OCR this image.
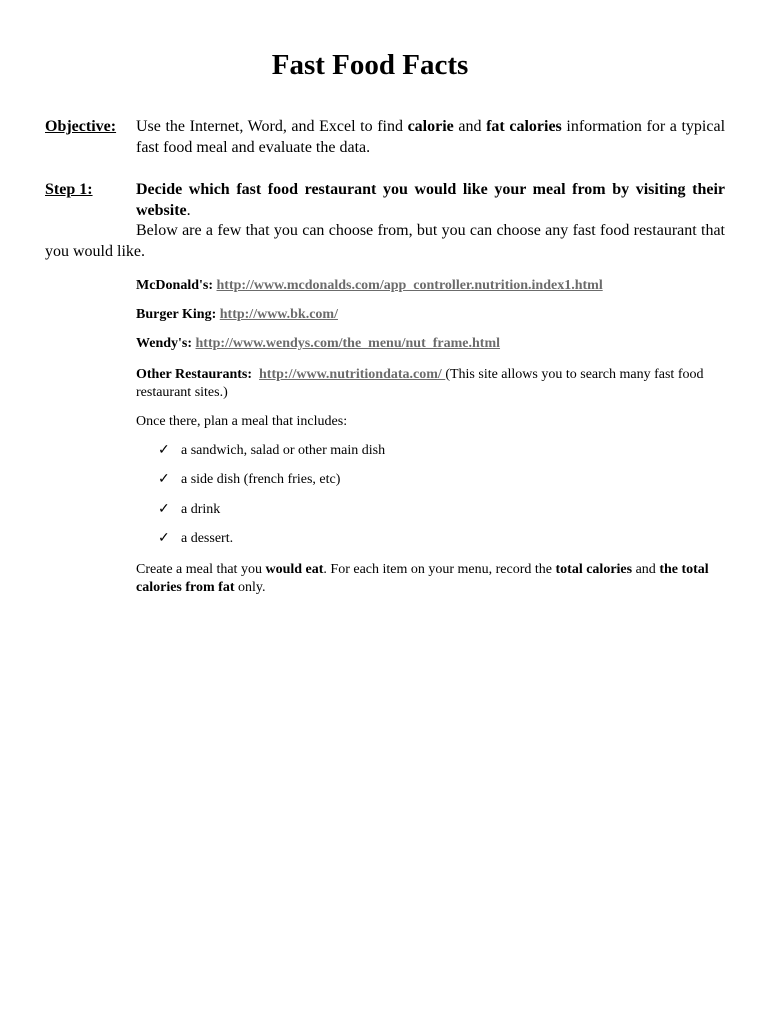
Fast Food Facts
Objective: Use the Internet, Word, and Excel to find calorie and fat calories information for a typical fast food meal and evaluate the data.
Step 1:	Decide which fast food restaurant you would like your meal from by visiting their website.
Below are a few that you can choose from, but you can choose any fast food restaurant that you would like.
McDonald's: http://www.mcdonalds.com/app_controller.nutrition.index1.html
Burger King: http://www.bk.com/
Wendy's: http://www.wendys.com/the_menu/nut_frame.html
Other Restaurants: http://www.nutritiondata.com/ (This site allows you to search many fast food restaurant sites.)
Once there, plan a meal that includes:
✓ a sandwich, salad or other main dish
✓ a side dish (french fries, etc)
✓ a drink
✓ a dessert.
Create a meal that you would eat. For each item on your menu, record the total calories and the total calories from fat only.
